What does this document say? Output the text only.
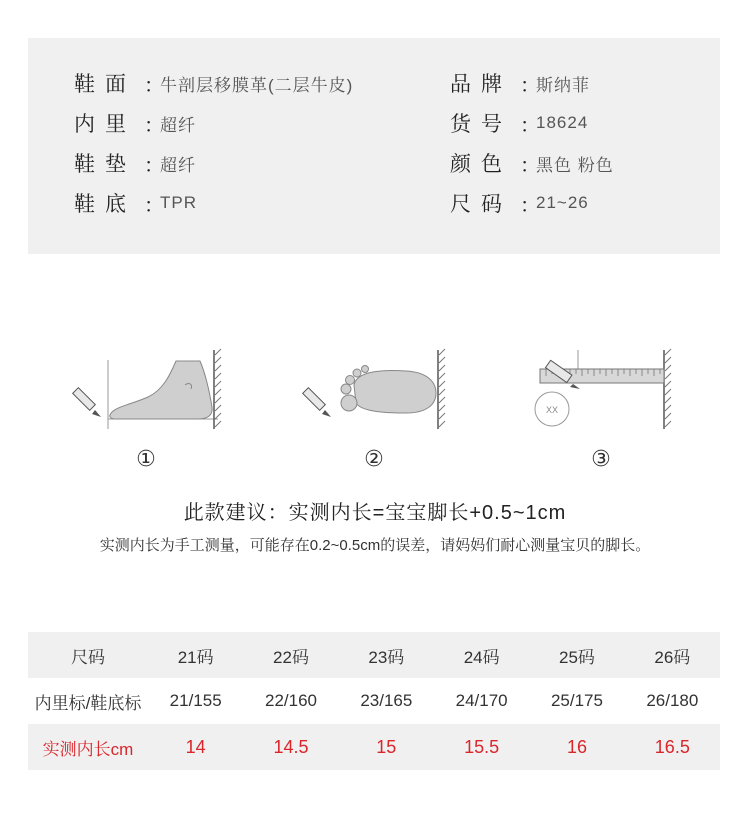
鞋面 ：
牛剖层移膜革(二层牛皮)
内里 ：
超纤
鞋垫 ：
超纤
鞋底 ：
TPR
品牌 ：
斯纳菲
货号 ：
18624
颜色 ：
黑色 粉色
尺码 ：
21~26
XX
①	②	③
此款建议：实测内长=宝宝脚长+0.5~1cm
实测内长为手工测量，可能存在0.2~0.5cm的误差，请妈妈们耐心测量宝贝的脚长。
尺码	21码	22码	23码	24码	25码	26码
内里标/鞋底标	21/155	22/160	23/165	24/170	25/175	26/180
实测内长cm	14	14.5	15	15.5	16	16.5
